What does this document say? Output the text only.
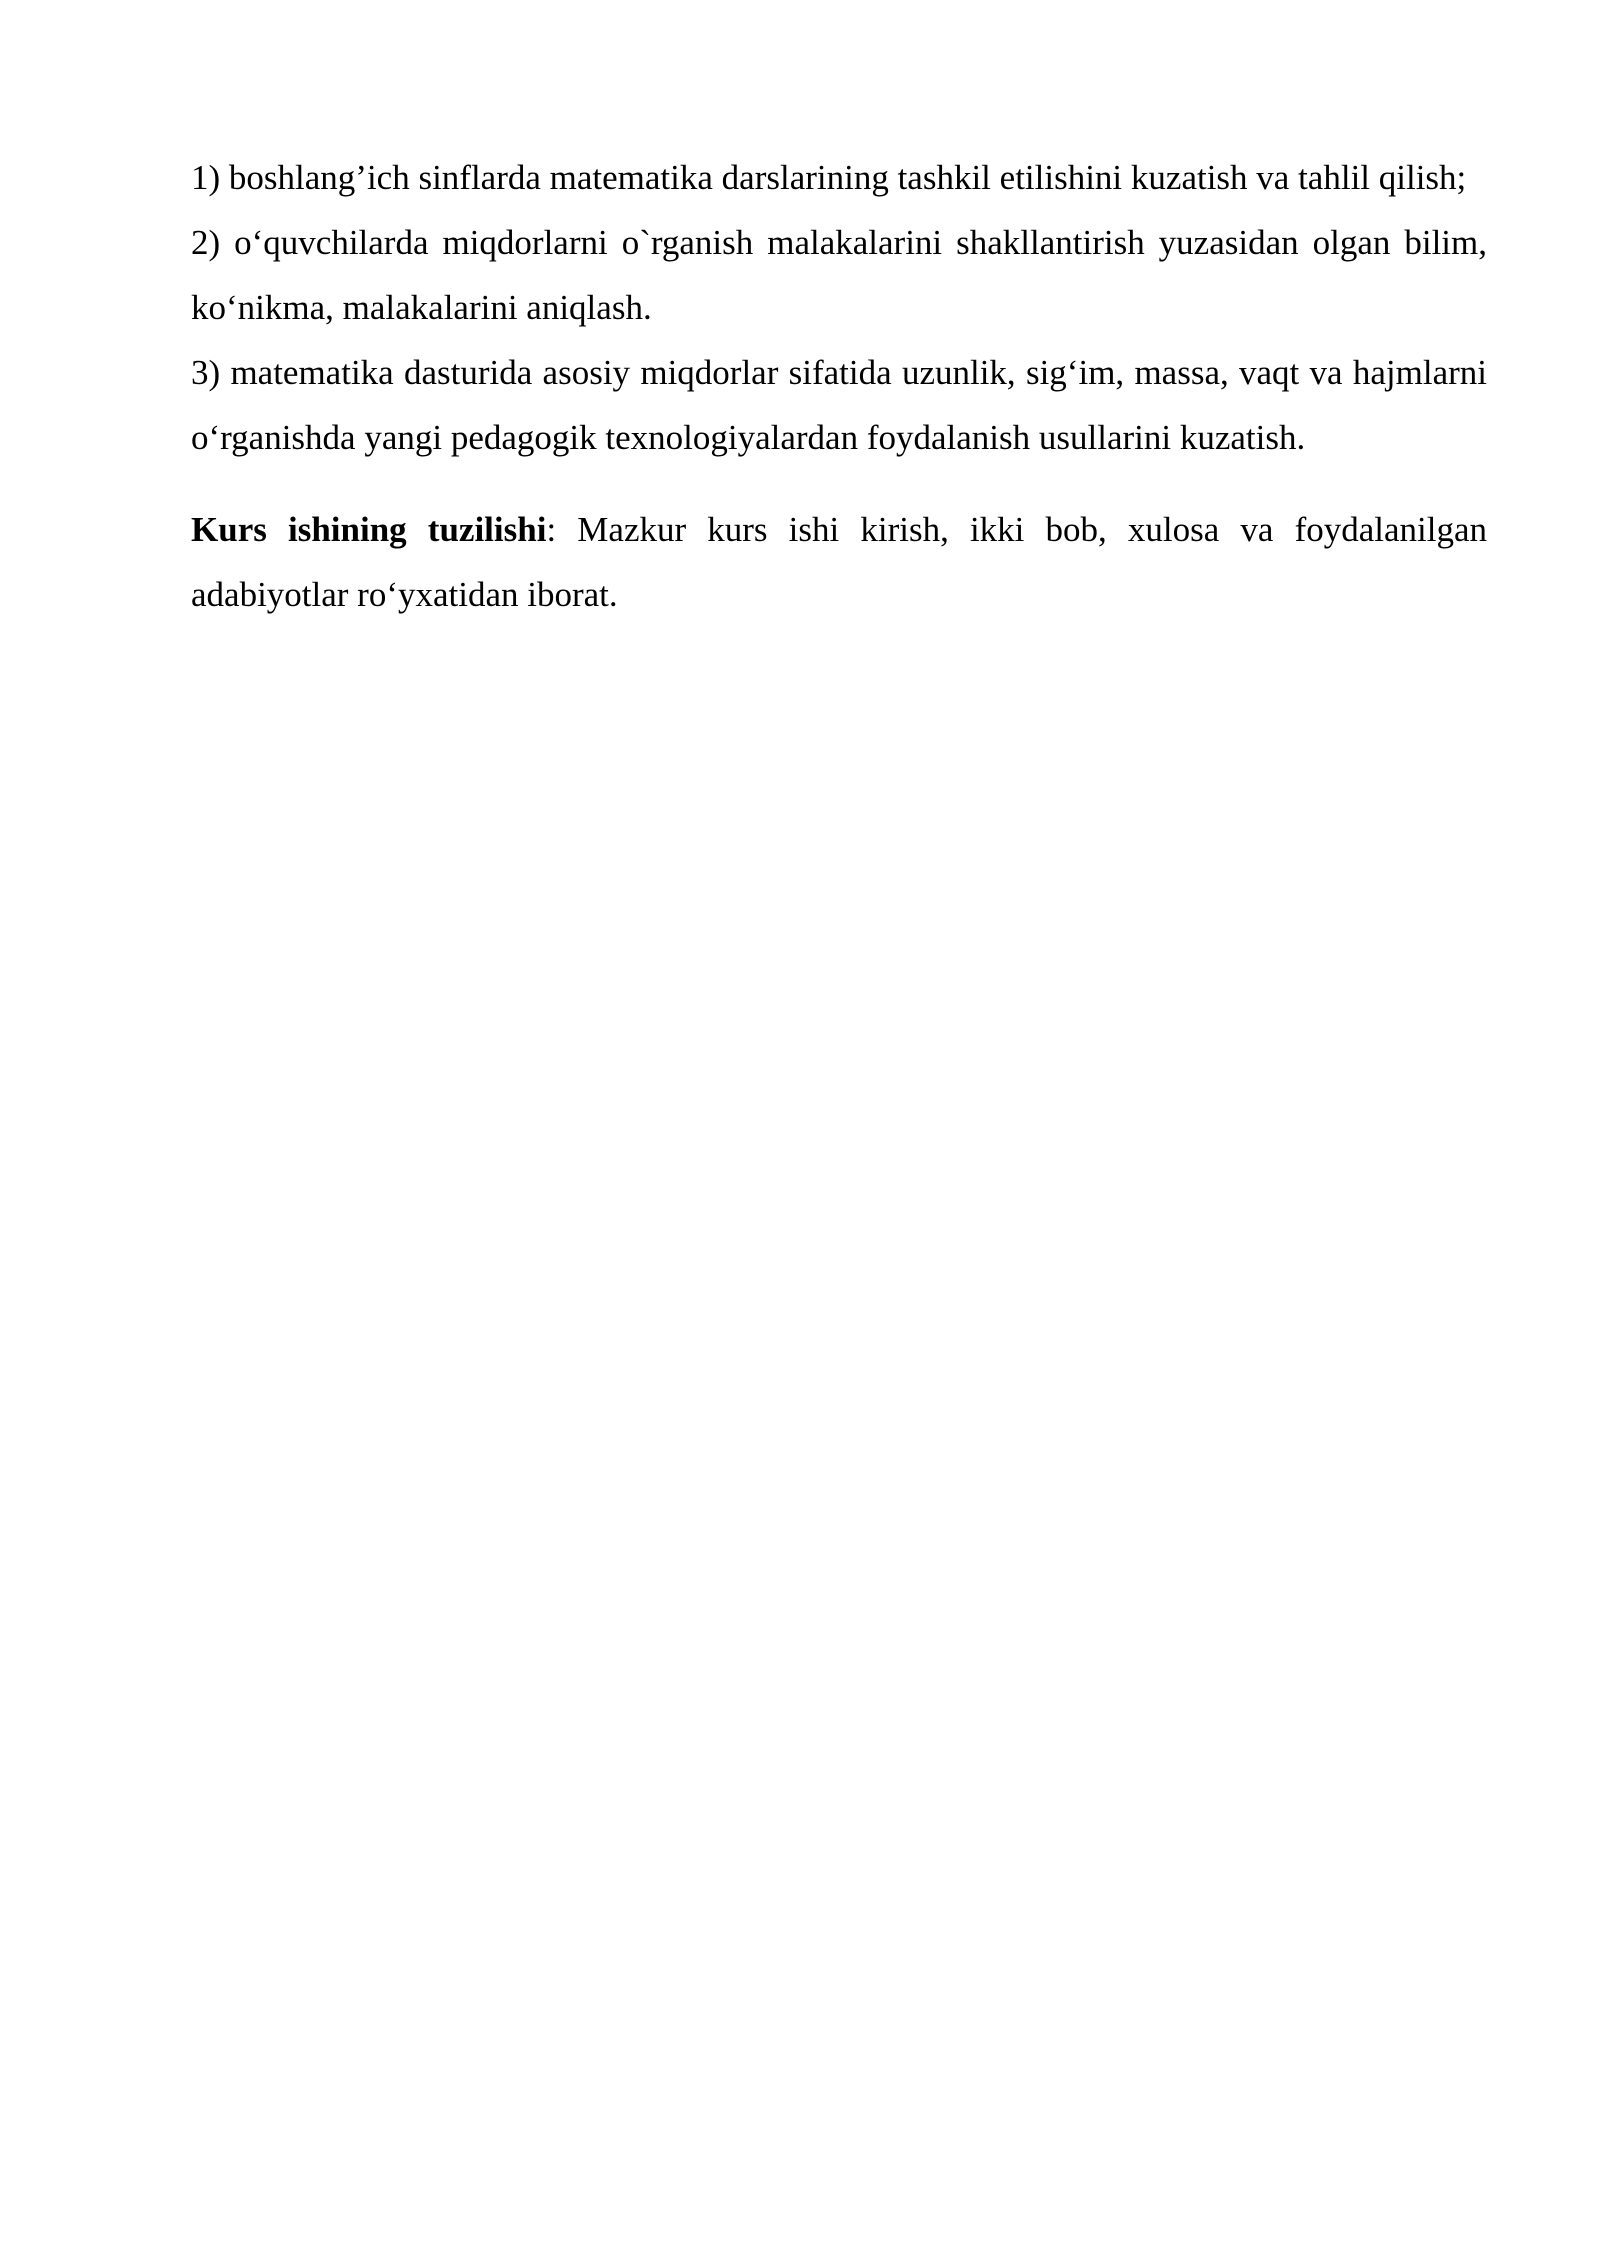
1) boshlang’ich sinflarda matematika darslarining tashkil etilishini kuzatish va tahlil qilish;

2) o‘quvchilarda miqdorlarni o`rganish malakalarini shakllantirish yuzasidan olgan bilim, ko‘nikma, malakalarini aniqlash.

3) matematika dasturida asosiy miqdorlar sifatida uzunlik, sig‘im, massa, vaqt va hajmlarni o‘rganishda yangi pedagogik texnologiyalardan foydalanish usullarini kuzatish.

Kurs ishining tuzilishi: Mazkur kurs ishi kirish, ikki bob, xulosa va foydalanilgan adabiyotlar ro‘yxatidan iborat.
